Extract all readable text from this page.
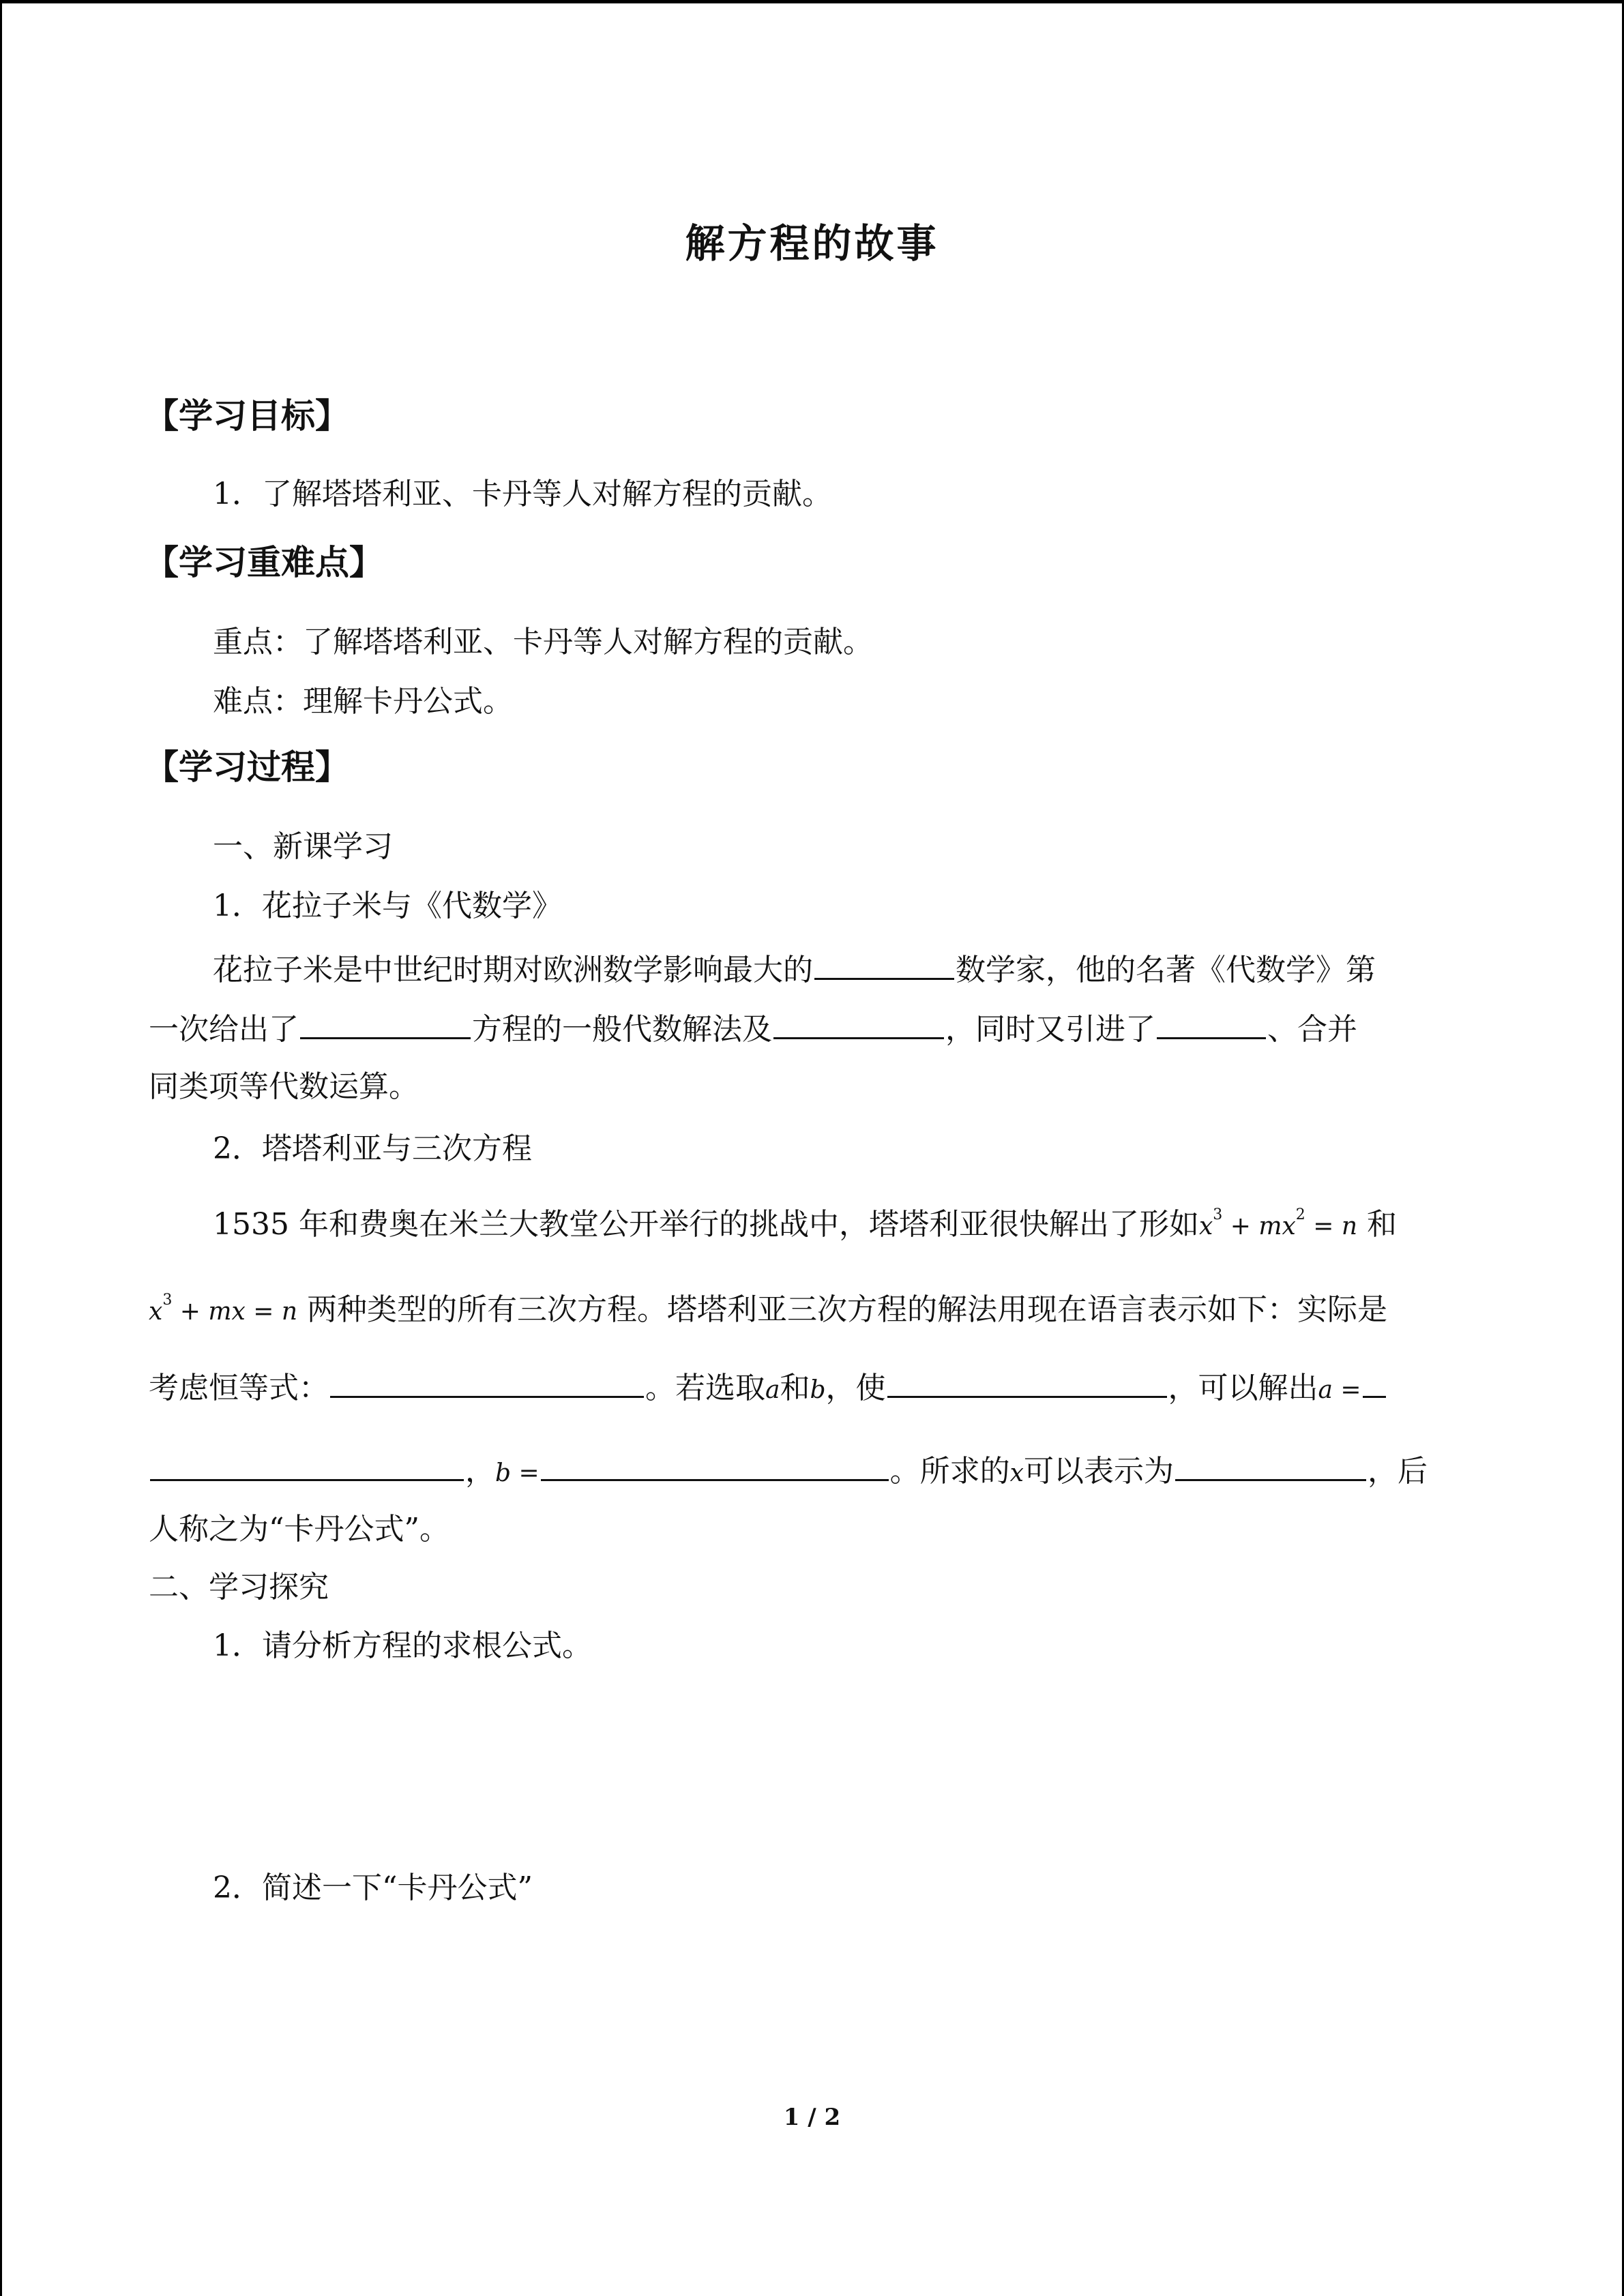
解方程的故事
【学习目标】
1．了解塔塔利亚、卡丹等人对解方程的贡献。
【学习重难点】
重点：了解塔塔利亚、卡丹等人对解方程的贡献。
难点：理解卡丹公式。
【学习过程】
一、新课学习
1．花拉子米与《代数学》
花拉子米是中世纪时期对欧洲数学影响最大的	数学家，他的名著《代数学》第
一次给出了	方程的一般代数解法及	，同时又引进了	、合并
同类项等代数运算。
2．塔塔利亚与三次方程
1535 年和费奥在米兰大教堂公开举行的挑战中，塔塔利亚很快解出了形如$x^3 + mx^2 = n$ 和
$x^3$ + mx = n 两种类型的所有三次方程。塔塔利亚三次方程的解法用现在语言表示如下：实际是
考虑恒等式：	。若选取a和b，使	，可以解出a =
，b =	。所求的x可以表示为	，后
人称之为“卡丹公式”。
二、学习探究
1．请分析方程的求根公式。
2．简述一下“卡丹公式”
1 / 2
